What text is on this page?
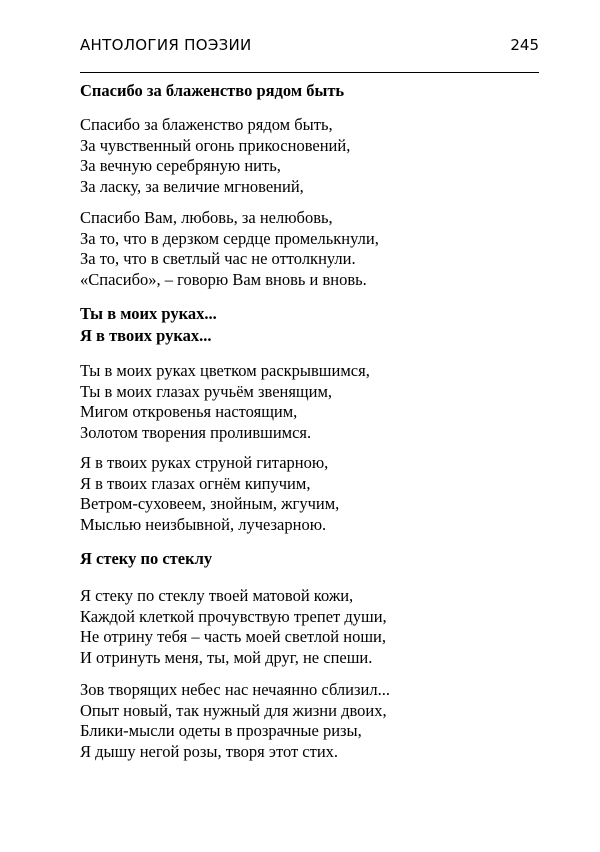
АНТОЛОГИЯ ПОЭЗИИ	245
Спасибо за блаженство рядом быть
Спасибо за блаженство рядом быть,
За чувственный огонь прикосновений,
За вечную серебряную нить,
За ласку, за величие мгновений,
Спасибо Вам, любовь, за нелюбовь,
За то, что в дерзком сердце промелькнули,
За то, что в светлый час не оттолкнули.
«Спасибо», – говорю Вам вновь и вновь.
Ты в моих руках...
Я в твоих руках...
Ты в моих руках цветком раскрывшимся,
Ты в моих глазах ручьём звенящим,
Мигом откровенья настоящим,
Золотом творения пролившимся.
Я в твоих руках струной гитарною,
Я в твоих глазах огнём кипучим,
Ветром-суховеем, знойным, жгучим,
Мыслью неизбывной, лучезарною.
Я стеку по стеклу
Я стеку по стеклу твоей матовой кожи,
Каждой клеткой прочувствую трепет души,
Не отрину тебя – часть моей светлой ноши,
И отринуть меня, ты, мой друг, не спеши.
Зов творящих небес нас нечаянно сблизил...
Опыт новый, так нужный для жизни двоих,
Блики-мысли одеты в прозрачные ризы,
Я дышу негой розы, творя этот стих.
